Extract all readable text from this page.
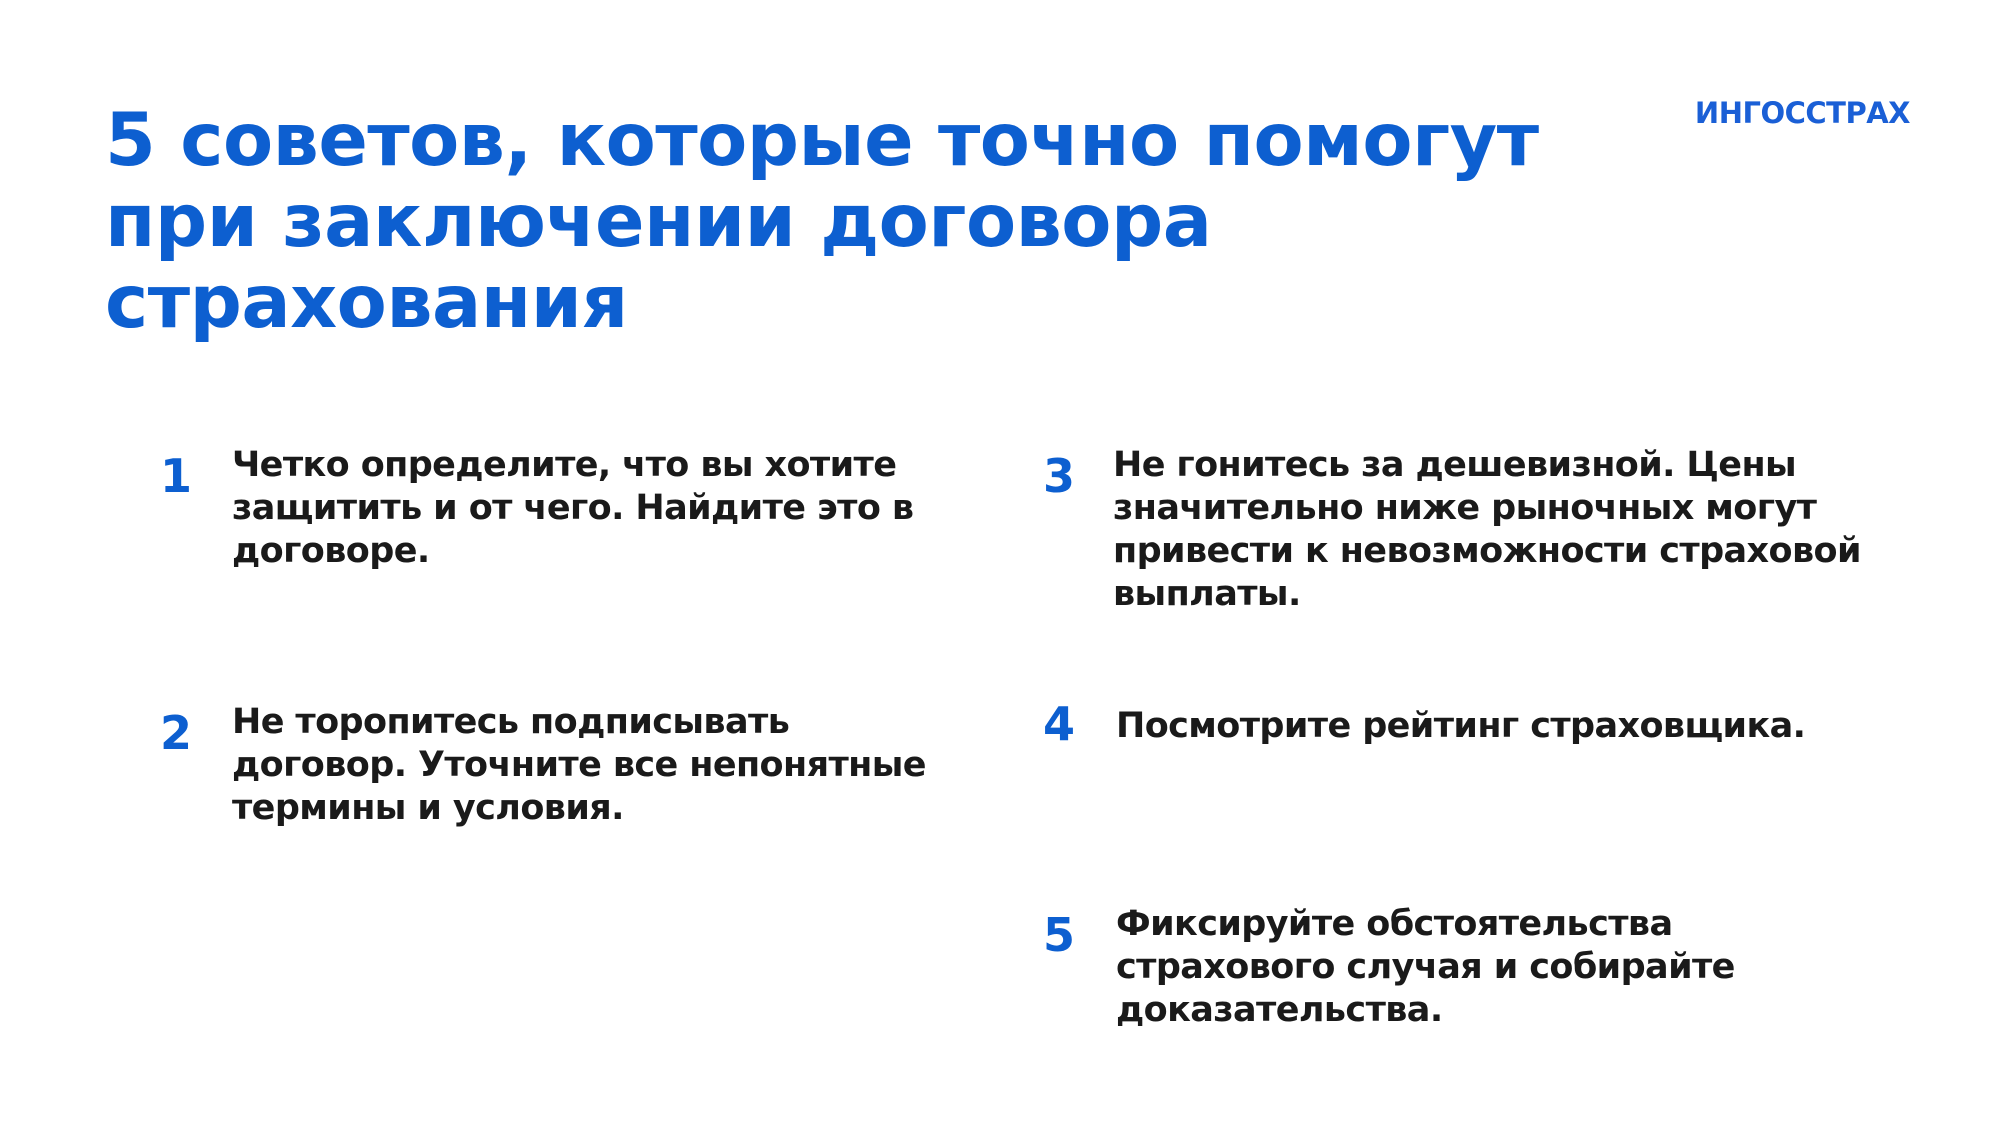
ИНГОССТРАХ
5 советов, которые точно помогут
при заключении договора
страхования
1 Четко определите, что вы хотите
защитить и от чего. Найдите это в
договоре.
2 Не торопитесь подписывать
договор. Уточните все непонятные
термины и условия.
3 Не гонитесь за дешевизной. Цены
значительно ниже рыночных могут
привести к невозможности страховой
выплаты.
4 Посмотрите рейтинг страховщика.
5 Фиксируйте обстоятельства
страхового случая и собирайте
доказательства.
